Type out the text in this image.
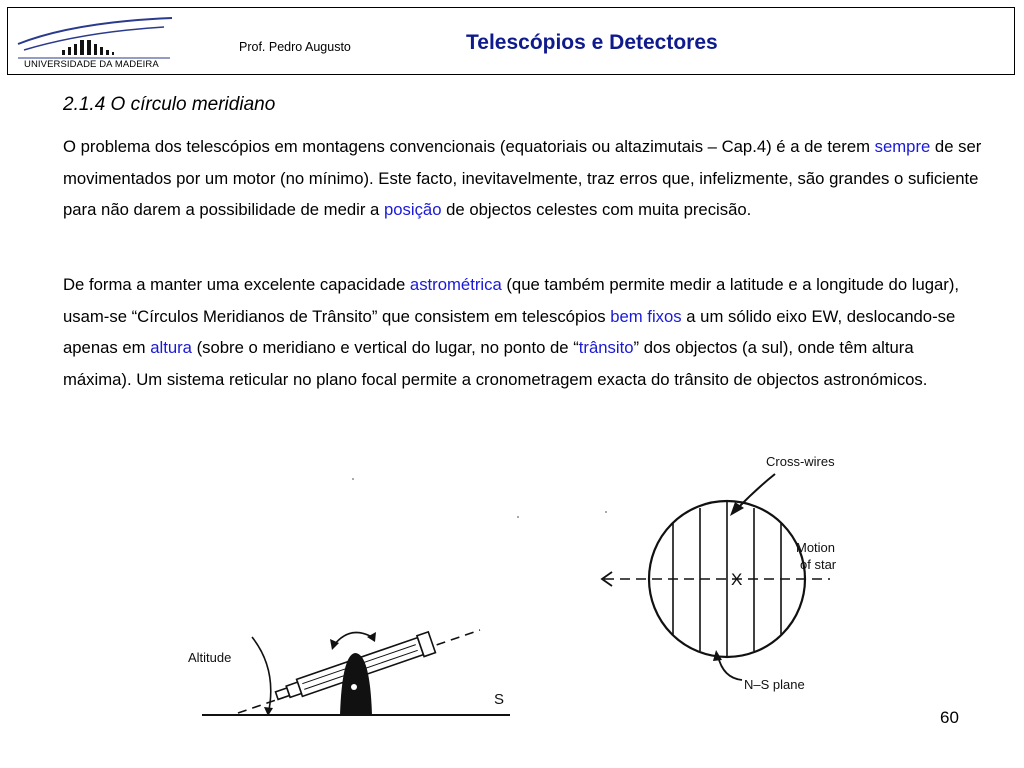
UNIVERSIDADE DA MADEIRA
Prof. Pedro Augusto	Telescópios e Detectores
2.1.4 O círculo meridiano
O problema dos telescópios em montagens convencionais (equatoriais ou altazimutais – Cap.4) é a de terem sempre de ser movimentados por um motor (no mínimo). Este facto, inevitavelmente, traz erros que, infelizmente, são grandes o suficiente para não darem a possibilidade de medir a posição de objectos celestes com muita precisão.
De forma a manter uma excelente capacidade astrométrica (que também permite medir a latitude e a longitude do lugar), usam-se “Círculos Meridianos de Trânsito” que consistem em telescópios bem fixos a um sólido eixo EW, deslocando-se apenas em altura (sobre o meridiano e vertical do lugar, no ponto de “trânsito” dos objectos (a sul), onde têm altura máxima). Um sistema reticular no plano focal permite a cronometragem exacta do trânsito de objectos astronómicos.
Altitude
S
X
Cross-wires
Motion
of star
N–S plane
60
